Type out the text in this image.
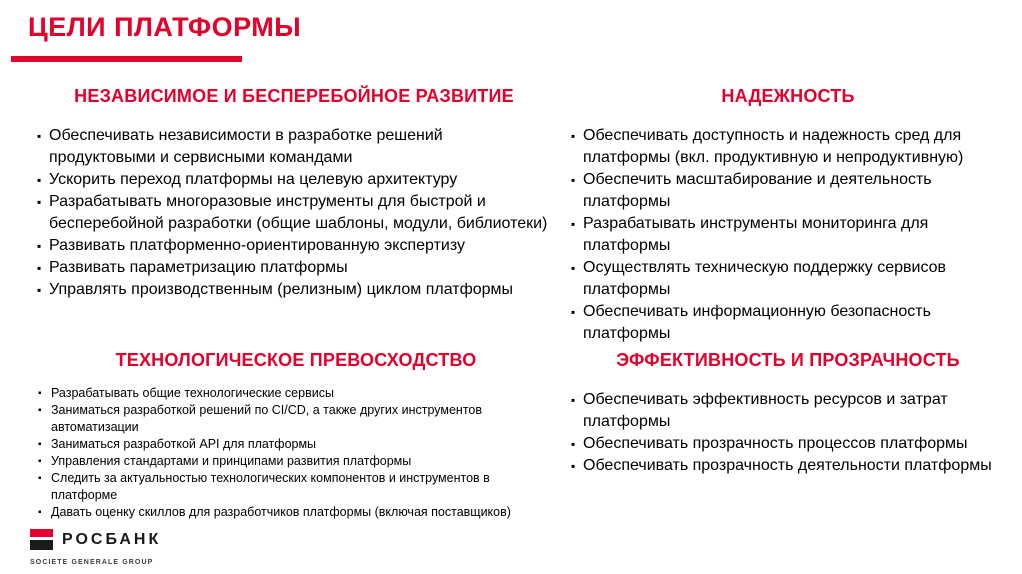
ЦЕЛИ ПЛАТФОРМЫ
НЕЗАВИСИМОЕ И БЕСПЕРЕБОЙНОЕ РАЗВИТИЕ
▪ Обеспечивать независимости в разработке решений продуктовыми и сервисными командами
▪ Ускорить переход платформы на целевую архитектуру
▪ Разрабатывать многоразовые инструменты для быстрой и бесперебойной разработки (общие шаблоны, модули, библиотеки)
▪ Развивать платформенно-ориентированную экспертизу
▪ Развивать параметризацию платформы
▪ Управлять производственным (релизным) циклом платформы
НАДЕЖНОСТЬ
▪ Обеспечивать доступность и надежность сред для платформы (вкл. продуктивную и непродуктивную)
▪ Обеспечить масштабирование и деятельность платформы
▪ Разрабатывать инструменты мониторинга для платформы
▪ Осуществлять техническую поддержку сервисов платформы
▪ Обеспечивать информационную безопасность платформы
ТЕХНОЛОГИЧЕСКОЕ ПРЕВОСХОДСТВО
▪ Разрабатывать общие технологические сервисы
▪ Заниматься разработкой решений по CI/CD, а также других инструментов автоматизации
▪ Заниматься разработкой API для платформы
▪ Управления стандартами и принципами развития платформы
▪ Следить за актуальностью технологических компонентов и инструментов в платформе
▪ Давать оценку скиллов для разработчиков платформы (включая поставщиков)
ЭФФЕКТИВНОСТЬ И ПРОЗРАЧНОСТЬ
▪ Обеспечивать эффективность ресурсов и затрат платформы
▪ Обеспечивать прозрачность процессов платформы
▪ Обеспечивать прозрачность деятельности платформы
РОСБАНК
SOCIETE GENERALE GROUP
